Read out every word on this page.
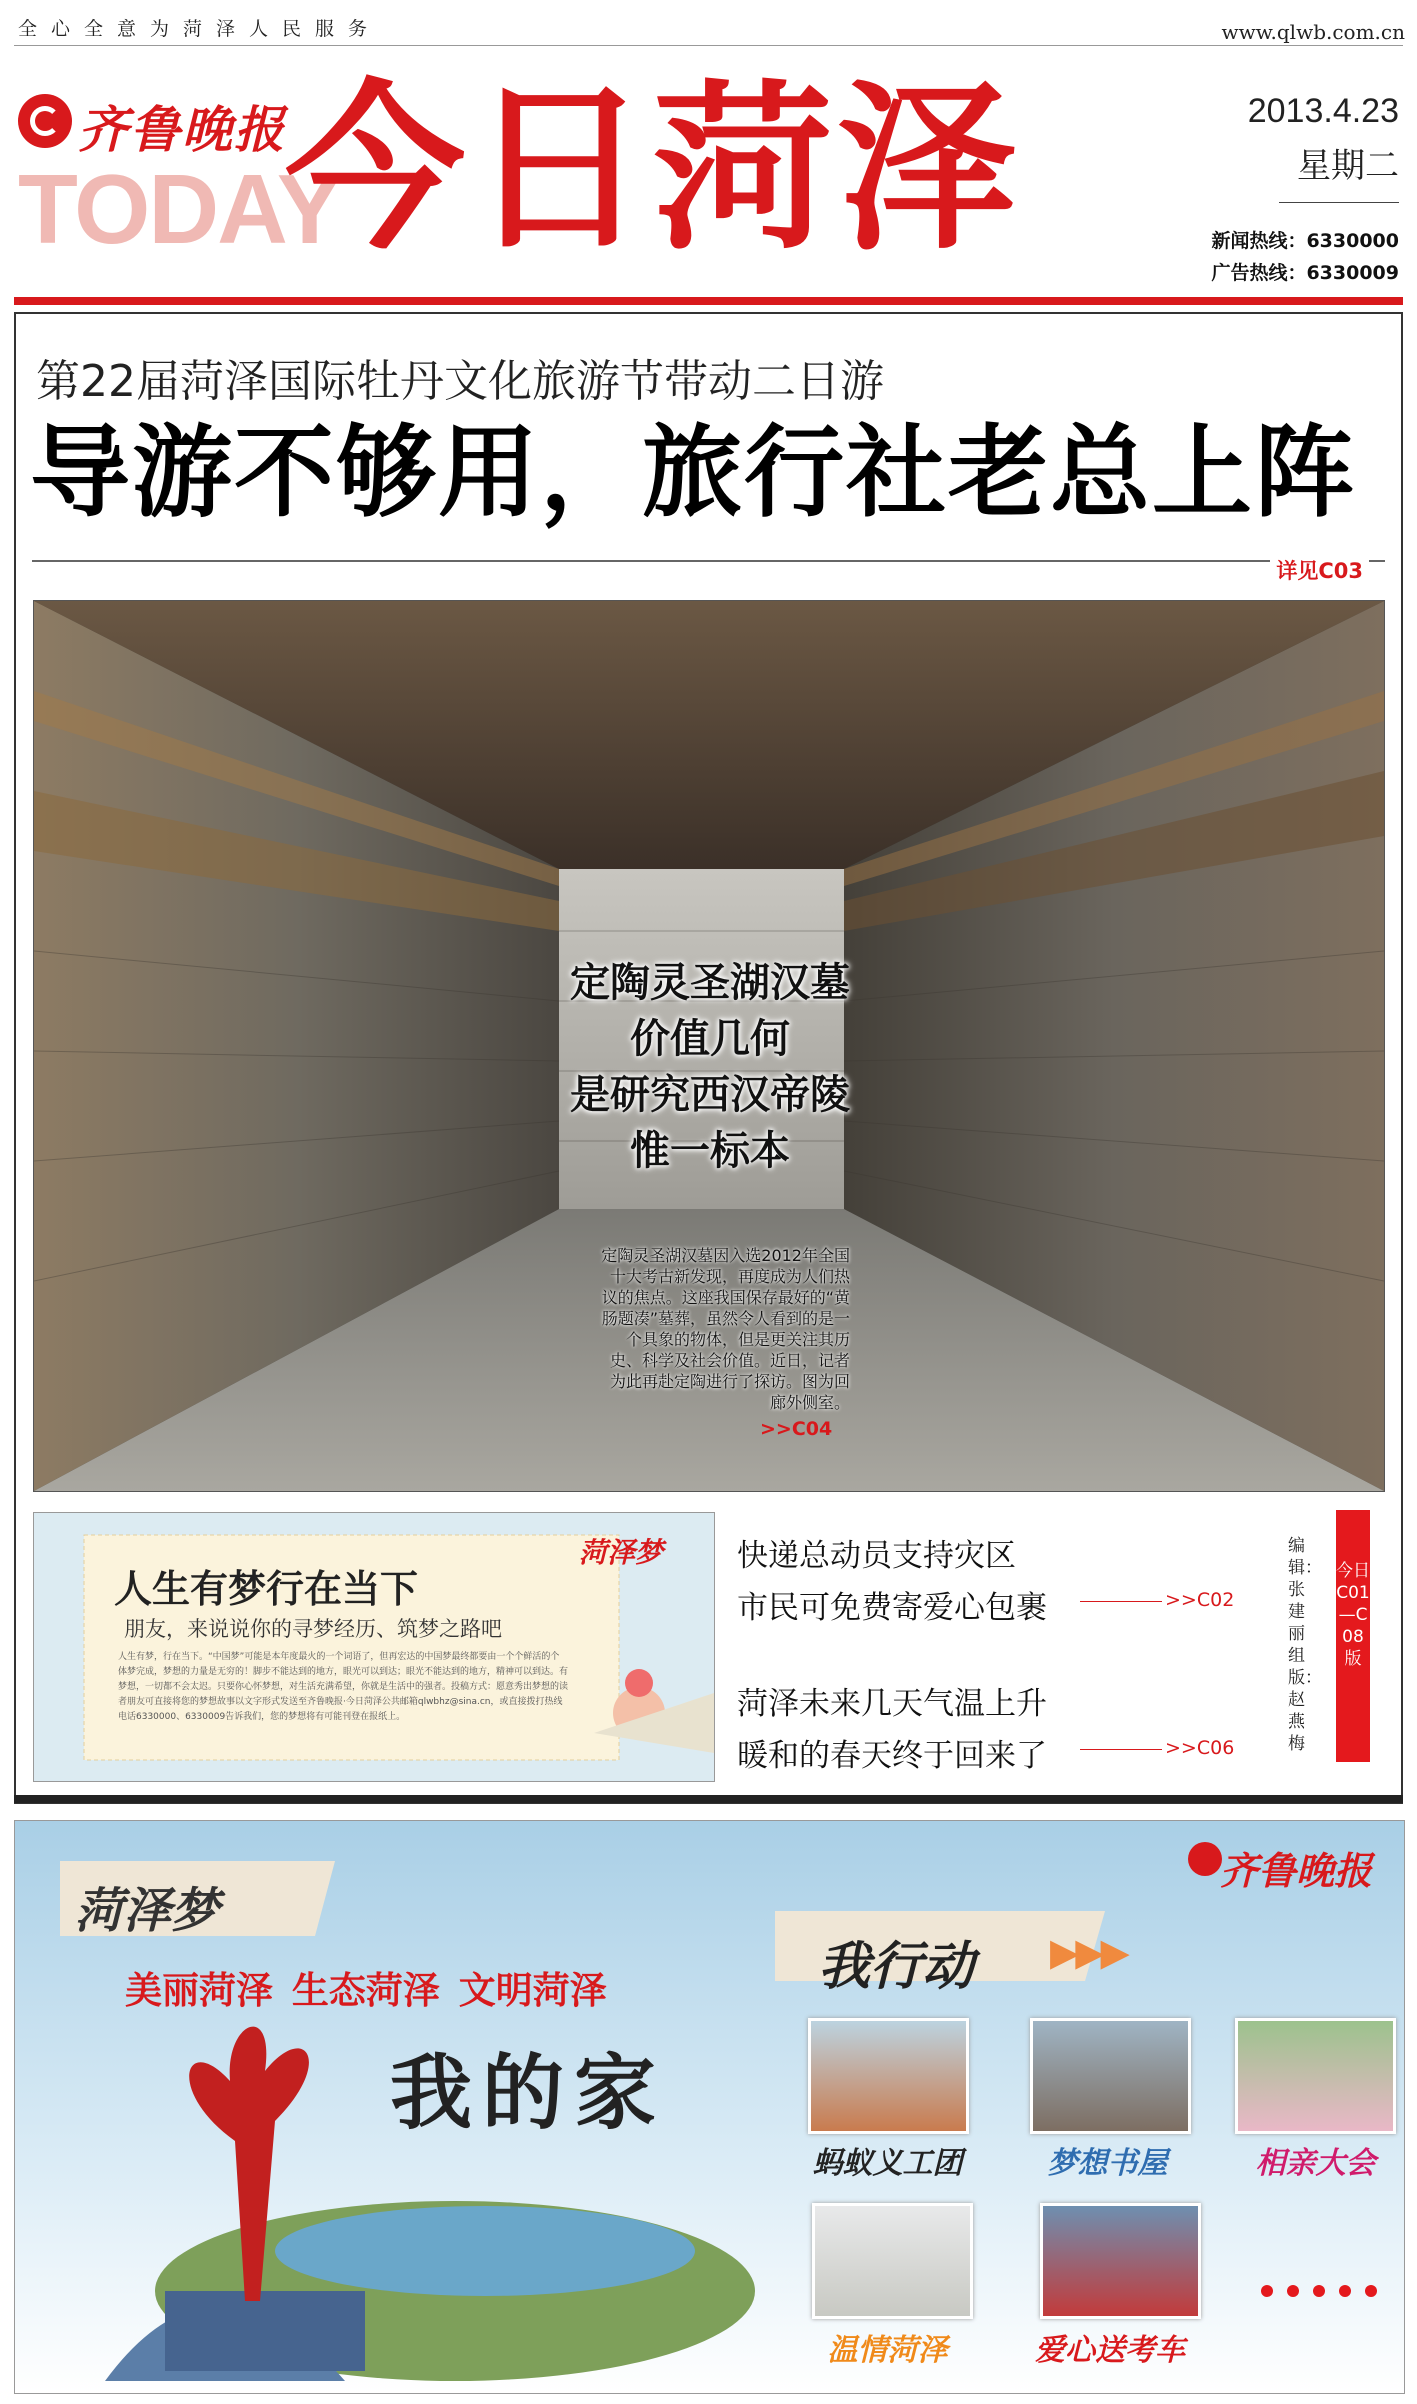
全心全意为菏泽人民服务	www.qlwb.com.cn
齐鲁晚报
TODAY
今日菏泽	2013.4.23
星期二
新闻热线：6330000
广告热线：6330009
第22届菏泽国际牡丹文化旅游节带动二日游
导游不够用，旅行社老总上阵
详见C03
定陶灵圣湖汉墓
价值几何
是研究西汉帝陵
惟一标本
定陶灵圣湖汉墓因入选2012年全国十大考古新发现，再度成为人们热议的焦点。这座我国保存最好的“黄肠题凑”墓葬，虽然令人看到的是一个具象的物体，但是更关注其历史、科学及社会价值。近日，记者为此再赴定陶进行了探访。图为回廊外侧室。
>>C04
菏泽梦
人生有梦行在当下
朋友，来说说你的寻梦经历、筑梦之路吧
人生有梦，行在当下。“中国梦”可能是本年度最火的一个词语了，但再宏达的中国梦最终都要由一个个鲜活的个体梦完成，梦想的力量是无穷的！脚步不能达到的地方，眼光可以到达；眼光不能达到的地方，精神可以到达。有梦想，一切都不会太迟。只要你心怀梦想，对生活充满希望，你就是生活中的强者。投稿方式：愿意秀出梦想的读者朋友可直接将您的梦想故事以文字形式发送至齐鲁晚报·今日菏泽公共邮箱qlwbhz@sina.cn，或直接拨打热线电话6330000、6330009告诉我们，您的梦想将有可能刊登在报纸上。
快递总动员支持灾区
市民可免费寄爱心包裹	>>C02
菏泽未来几天气温上升
暖和的春天终于回来了	>>C06
编辑：张建丽 组版：赵燕梅
今日C01—C08版
菏泽梦
美丽菏泽 生态菏泽 文明菏泽
我的家
齐鲁晚报
我行动 ▶▶▶
蚂蚁义工团	梦想书屋	相亲大会
温情菏泽	爱心送考车
